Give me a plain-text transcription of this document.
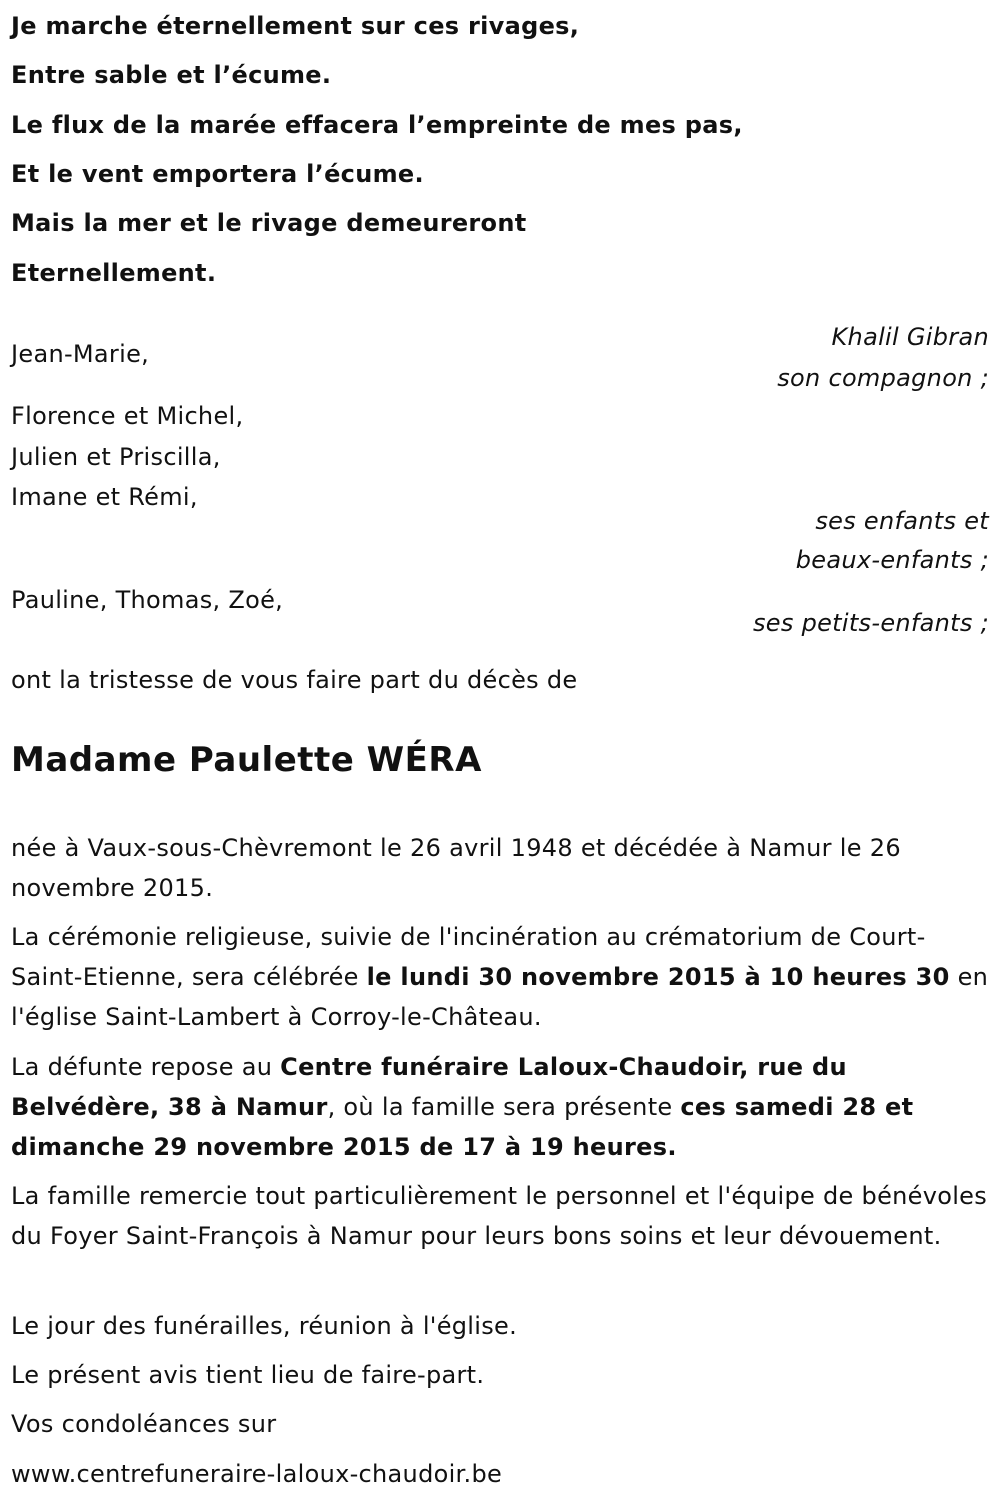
Je marche éternellement sur ces rivages,
Entre sable et l’écume.
Le flux de la marée effacera l’empreinte de mes pas,
Et le vent emportera l’écume.
Mais la mer et le rivage demeureront
Eternellement.
Khalil Gibran
Jean-Marie,
son compagnon ;
Florence et Michel,
Julien et Priscilla,
Imane et Rémi,
ses enfants et
beaux-enfants ;
Pauline, Thomas, Zoé,
ses petits-enfants ;
ont la tristesse de vous faire part du décès de
Madame Paulette WÉRA
née à Vaux-sous-Chèvremont le 26 avril 1948 et décédée à Namur le 26 novembre 2015.
La cérémonie religieuse, suivie de l'incinération au crématorium de Court-Saint-Etienne, sera célébrée le lundi 30 novembre 2015 à 10 heures 30 en l'église Saint-Lambert à Corroy-le-Château.
La défunte repose au Centre funéraire Laloux-Chaudoir, rue du Belvédère, 38 à Namur, où la famille sera présente ces samedi 28 et dimanche 29 novembre 2015 de 17 à 19 heures.
La famille remercie tout particulièrement le personnel et l'équipe de bénévoles du Foyer Saint-François à Namur pour leurs bons soins et leur dévouement.
Le jour des funérailles, réunion à l'église.
Le présent avis tient lieu de faire-part.
Vos condoléances sur
www.centrefuneraire-laloux-chaudoir.be
